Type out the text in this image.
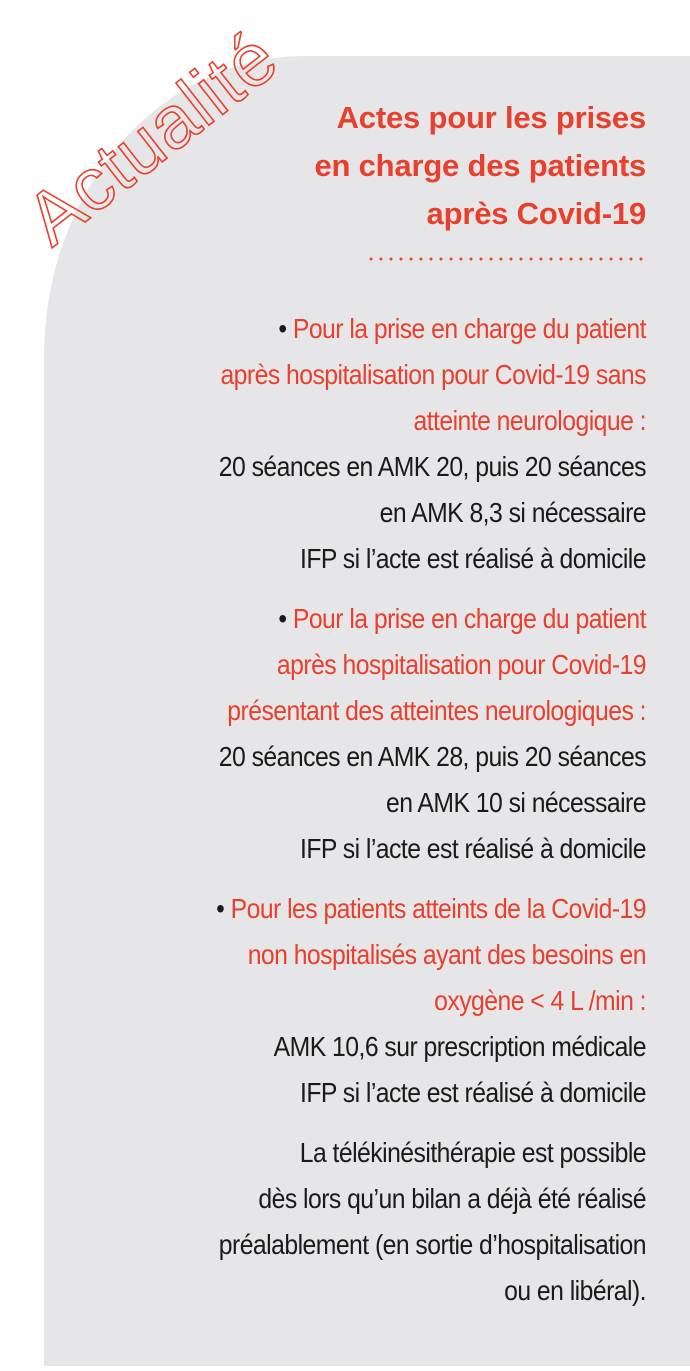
Actualité	Actes pour les prises
en charge des patients
après Covid-19
• Pour la prise en charge du patient
après hospitalisation pour Covid-19 sans
atteinte neurologique :
20 séances en AMK 20, puis 20 séances
en AMK 8,3 si nécessaire
IFP si l’acte est réalisé à domicile
• Pour la prise en charge du patient
après hospitalisation pour Covid-19
présentant des atteintes neurologiques :
20 séances en AMK 28, puis 20 séances
en AMK 10 si nécessaire
IFP si l’acte est réalisé à domicile
• Pour les patients atteints de la Covid-19
non hospitalisés ayant des besoins en
oxygène < 4 L /min :
AMK 10,6 sur prescription médicale
IFP si l’acte est réalisé à domicile
La télékinésithérapie est possible
dès lors qu’un bilan a déjà été réalisé
préalablement (en sortie d’hospitalisation
ou en libéral).
